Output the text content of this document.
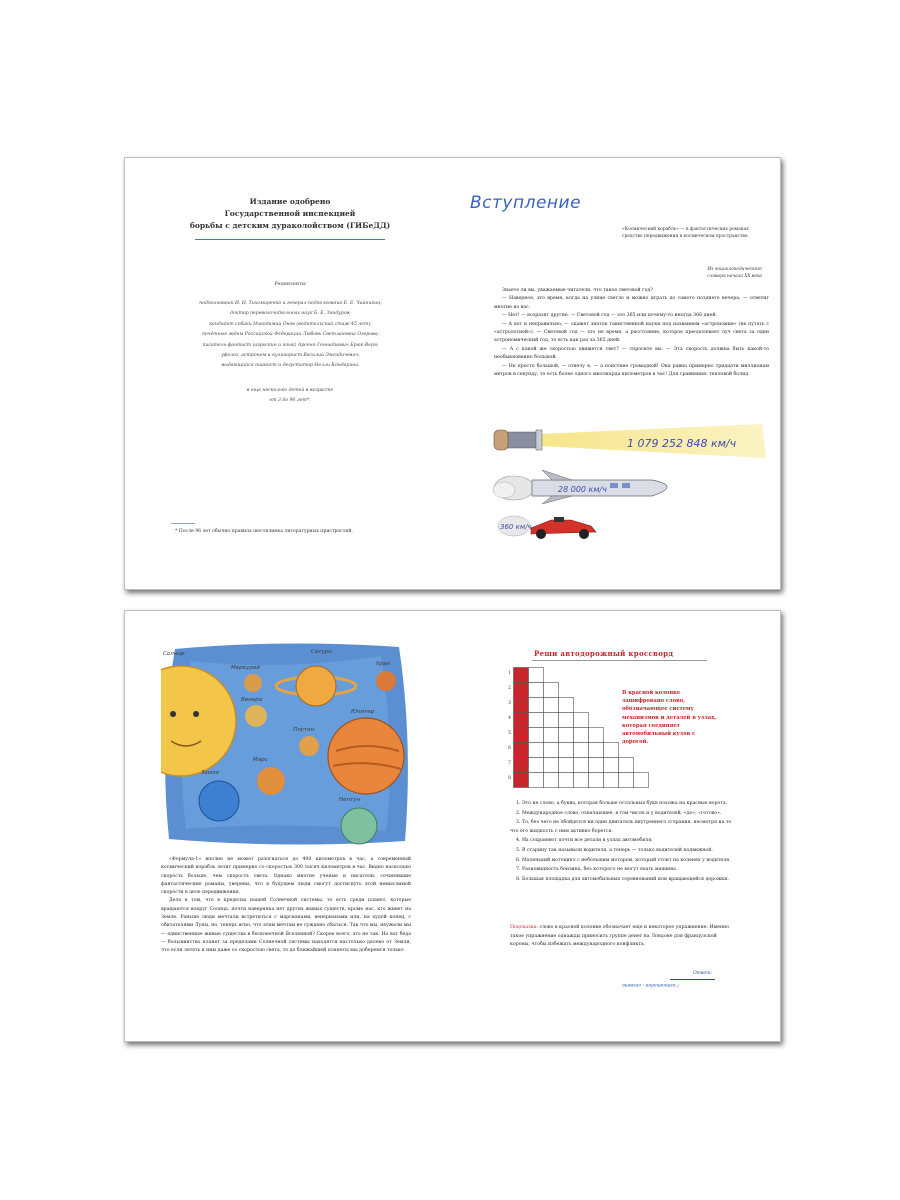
Издание одобрено
Государственной инспекцией
борьбы с детским дураколойством (ГИБеДД)
Рецензенты
подполковник И. Н. Тихомиренко и генерал-подполковник Е. Е. Чайникин;
доктор перевозочительных наук Б. Е. Зиндуров;
кандидат собаки Никодимий Онов (водительский стаж 45 лет);
почётные жёны Российской Федерации Любовь Светлановна Озерова;
писатель-фантаст (аэроскин и язык) Арсеня Геннадиевич Брюк-Веря;
уфолог, астроном и кулинарист Василий Эмсидичевич;
выдающийся пианист и дегустатор Нелли Кондарина.
в еще несколько детей в возрасте
от 3 до 96 лет*.
* После 96 лет обычно правила шестилинка литературных пристрастий.
Вступление
«Космический корабль» — в фантастических романах средство передвижения в космическом пространстве.
Из энциклопедического
словаря начала ХХ века

Знаете ли вы, уважаемые читатели, что такое световой год?

— Наверное, это время, когда на улице светло и можно играть до самого позднего вечера, — ответит многие из вас.

— Нет! — возразят другие. — Световой год — это 365 или почему-то иногда 366 дней.

— А вот и неправильно, — скажет знаток таинственной науки под названием «астрономия» (не путать с «астрологией»). — Световой год — это не время, а расстояние, которое преодолевает луч света за один астрономический год, то есть как раз за 365 дней.

— А с какой же скоростью движется свет? — спросите вы. — Эта скорость должна быть какой-то необыкновенно большой.

— Не просто большой, — отвечу я, — а поистине громадной! Она равна примерно тридцати миллионам метров в секунду, то есть более одного миллиарда километров в час! Для сравнения: тепловой болид

1 079 252 848 км/ч
28 000 км/ч
360 км/ч
Сатурн
Уран
Меркурий
Венера
Марс
Юпитер
Земля
Нептун
Плутон
Солнце

«Формула-1» вполне не может разогнаться до 400 километров в час, а современный космический корабль летит примерно со скоростью 300 тысяч километров в час. Видно насколько скорость больше, чем скорость света. Однако многие ученые и писатели, сочинявшие фантастические романы, уверены, что в будущем люди смогут достигнуть этой немыслимой скорости в деле передвижения.

Дело в том, что в пределах нашей Солнечной системы, то есть среди планет, которые вращаются вокруг Солнца, почти наверняка нет других живых существ, кроме нас, кто живет на Земле. Раньше люди мечтали встретиться с марсианами, венерианами или, на худой конец, с обитателями Луны, но, теперь ясно, что этим мечтам не суждено сбыться. Так что мы, неужели мы — единственные живые существа в бесконечной Вселенной? Скорее всего, это не так. Но вот беда — большинство планет за пределами Солнечной системы находятся настолько далеко от Земли, что если лететь к ним даже со скоростью света, то до ближайшей планеты мы доберемся только

Реши автодорожный кроссворд
1
2
3
4
5
6
7
8
В красной колонке зашифровано слово, обозначающее систему механизмов и деталей в узлах, которая соединяет автомобильный кузов с дорогой.

1. Это не слово, а буква, которая больше остальных букв похожа на красные ворота.

2. Международное слово, означающее, в том числе и у водителей, «до», «готово».

3. То, без чего не обойдется ни один двигатель внутреннего сгорания, несмотря на то что его жидкость с ним активно борется.

4. Их сохраняют почти все детали в узлах автомобиля.

5. В старину так называли водителя, а теперь — только водителей подвижной.

6. Маленький мотоцикл с небольшим мотором, который стоит на коленях у водителя.

7. Разновидность бензина, без которого не могут ехать машины.

8. Большая площадка для автомобильных соревнований или вращающейся дорожки.

Подсказка: слово в красной колонке обозначает еще и некоторое упражнение. Именно такое упражнение однажды приносить группе денег на Лондоне для французской короны, чтобы избежать международного конфликта.
Ответ:
! кэтнэтэдоп : отэвто
